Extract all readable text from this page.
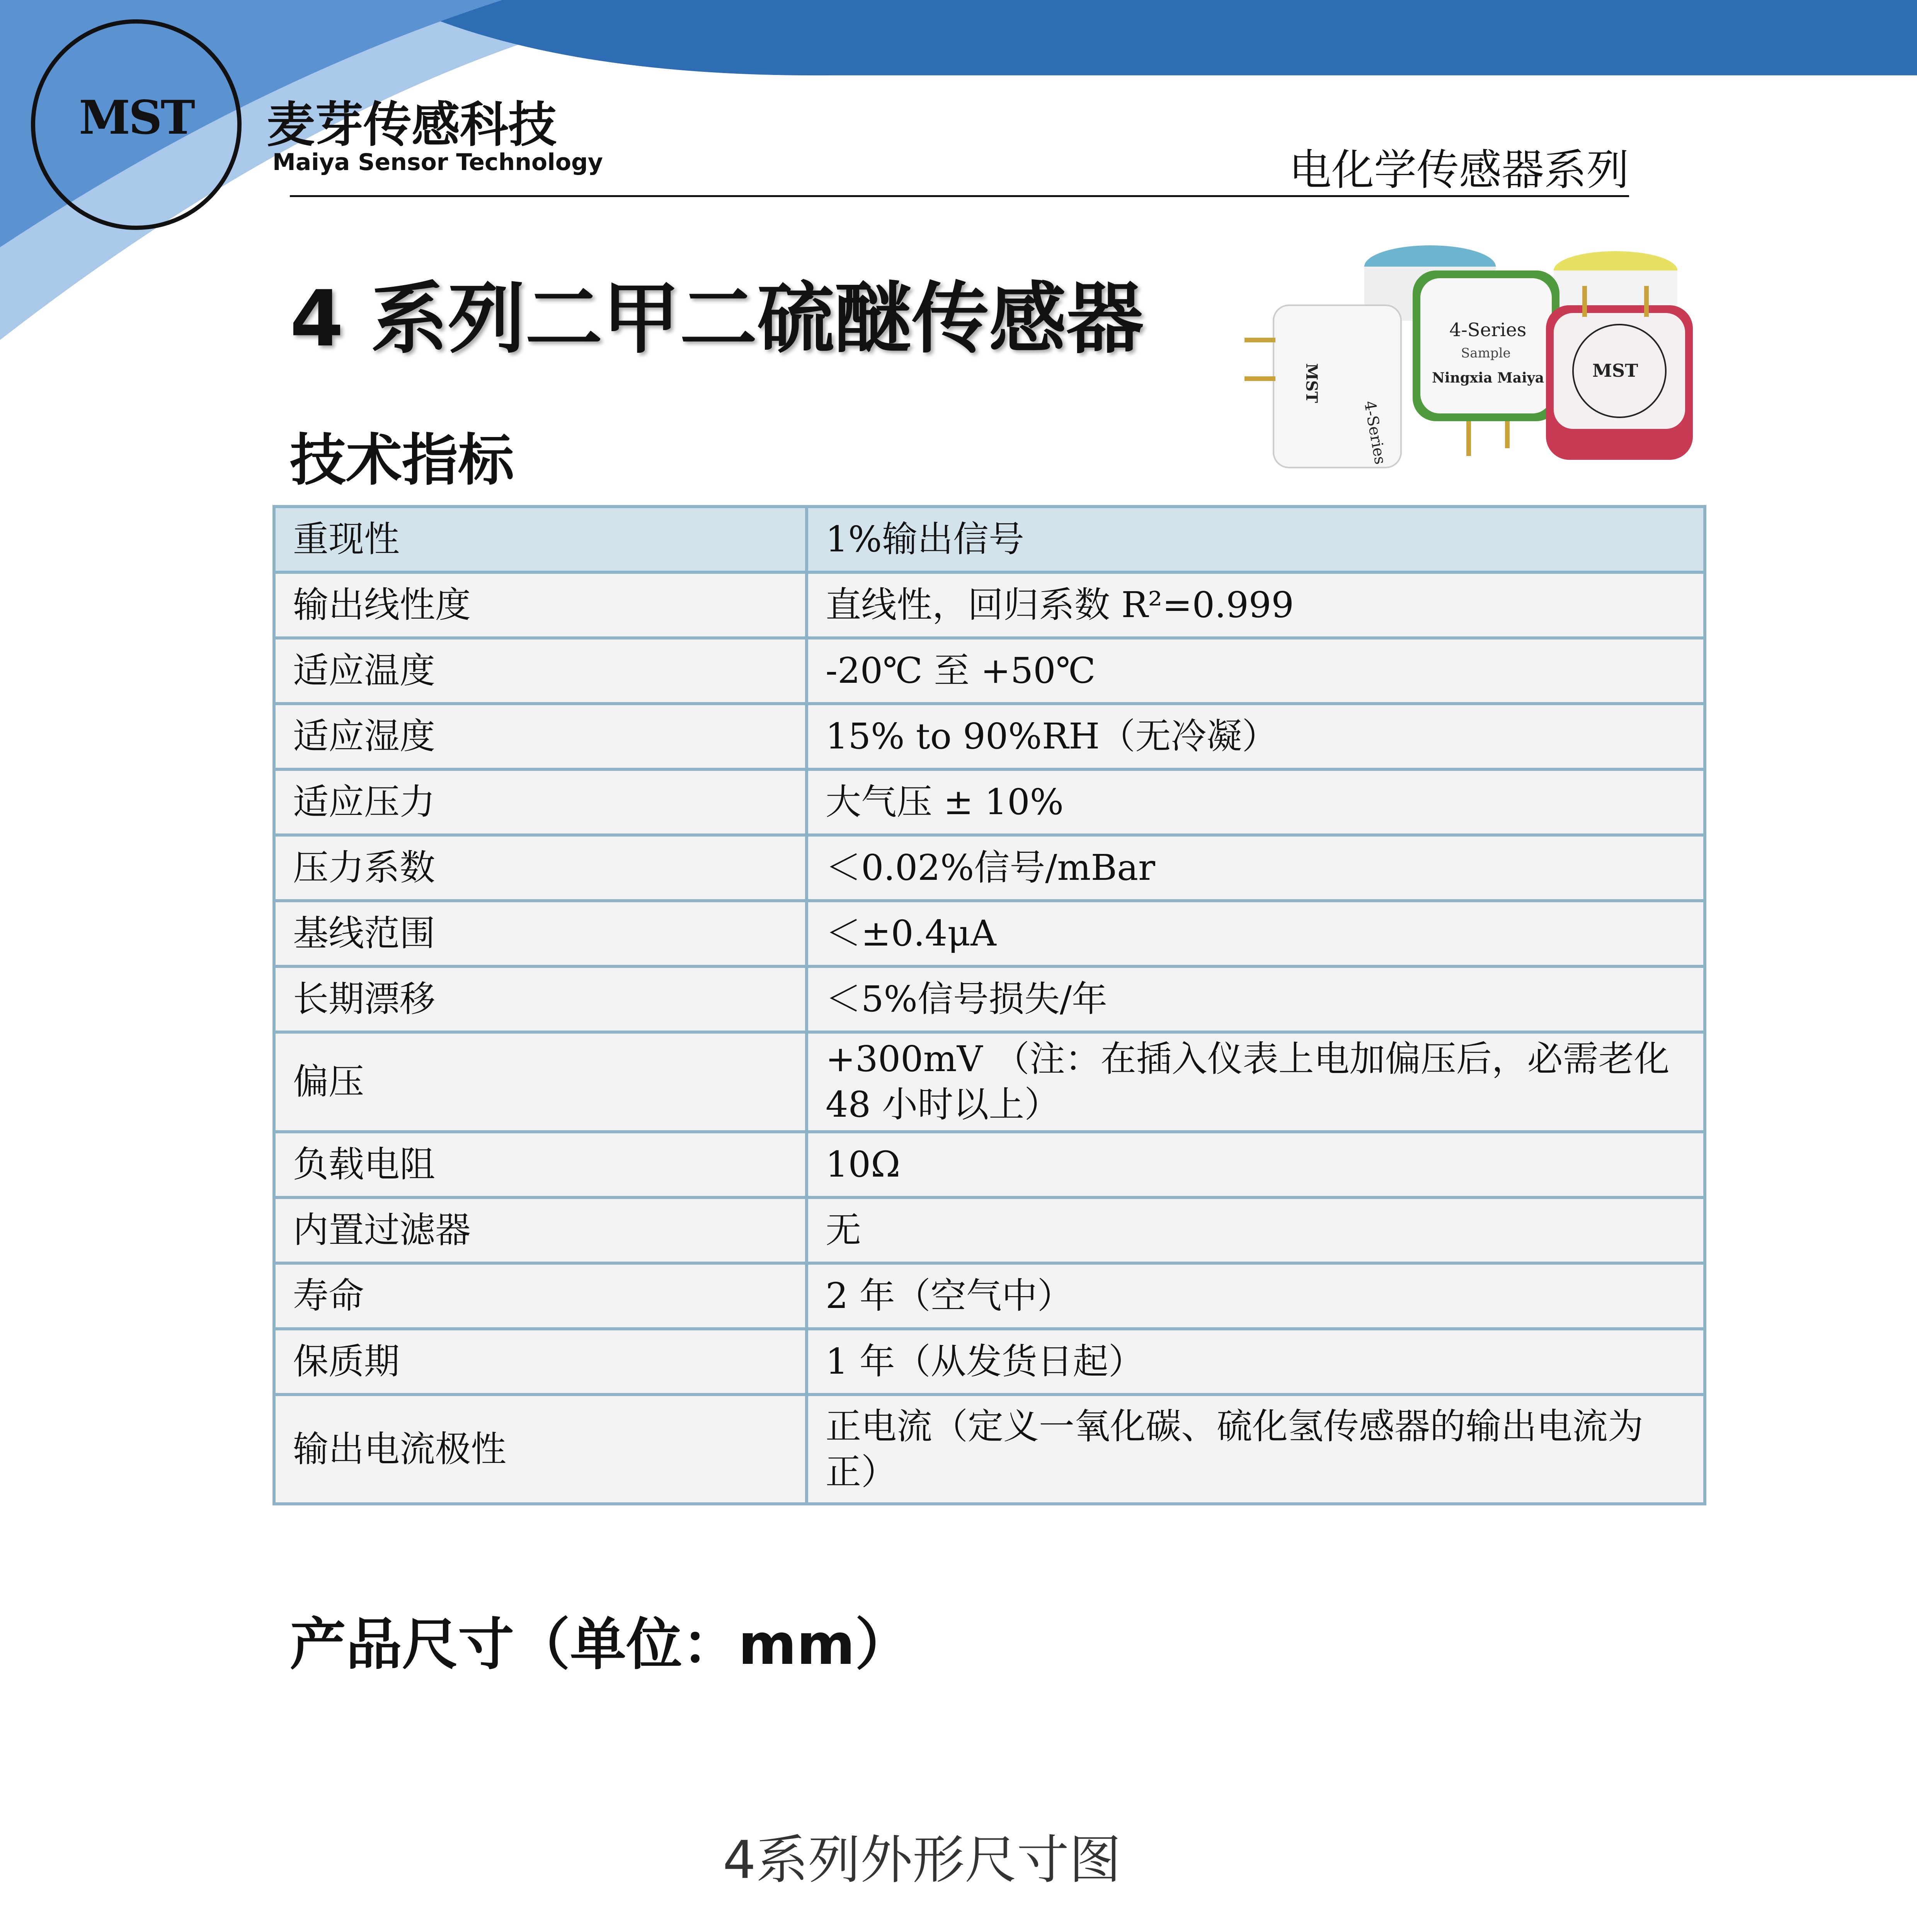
MST	麦芽传感科技
Maiya Sensor Technology	电化学传感器系列
4 系列二甲二硫醚传感器
MST
4-Series
4-Series
Sample
Ningxia Maiya	MST
技术指标
重现性	1%输出信号
输出线性度	直线性，回归系数 R²=0.999
适应温度	-20℃ 至 +50℃
适应湿度	15% to 90%RH（无冷凝）
适应压力	大气压 ± 10%
压力系数	＜0.02%信号/mBar
基线范围	＜±0.4μA
长期漂移	＜5%信号损失/年
偏压	+300mV （注：在插入仪表上电加偏压后，必需老化 48 小时以上）
负载电阻	10Ω
内置过滤器	无
寿命	2 年（空气中）
保质期	1 年（从发货日起）
输出电流极性	正电流（定义一氧化碳、硫化氢传感器的输出电流为正）
产品尺寸（单位：mm）
4系列外形尺寸图
